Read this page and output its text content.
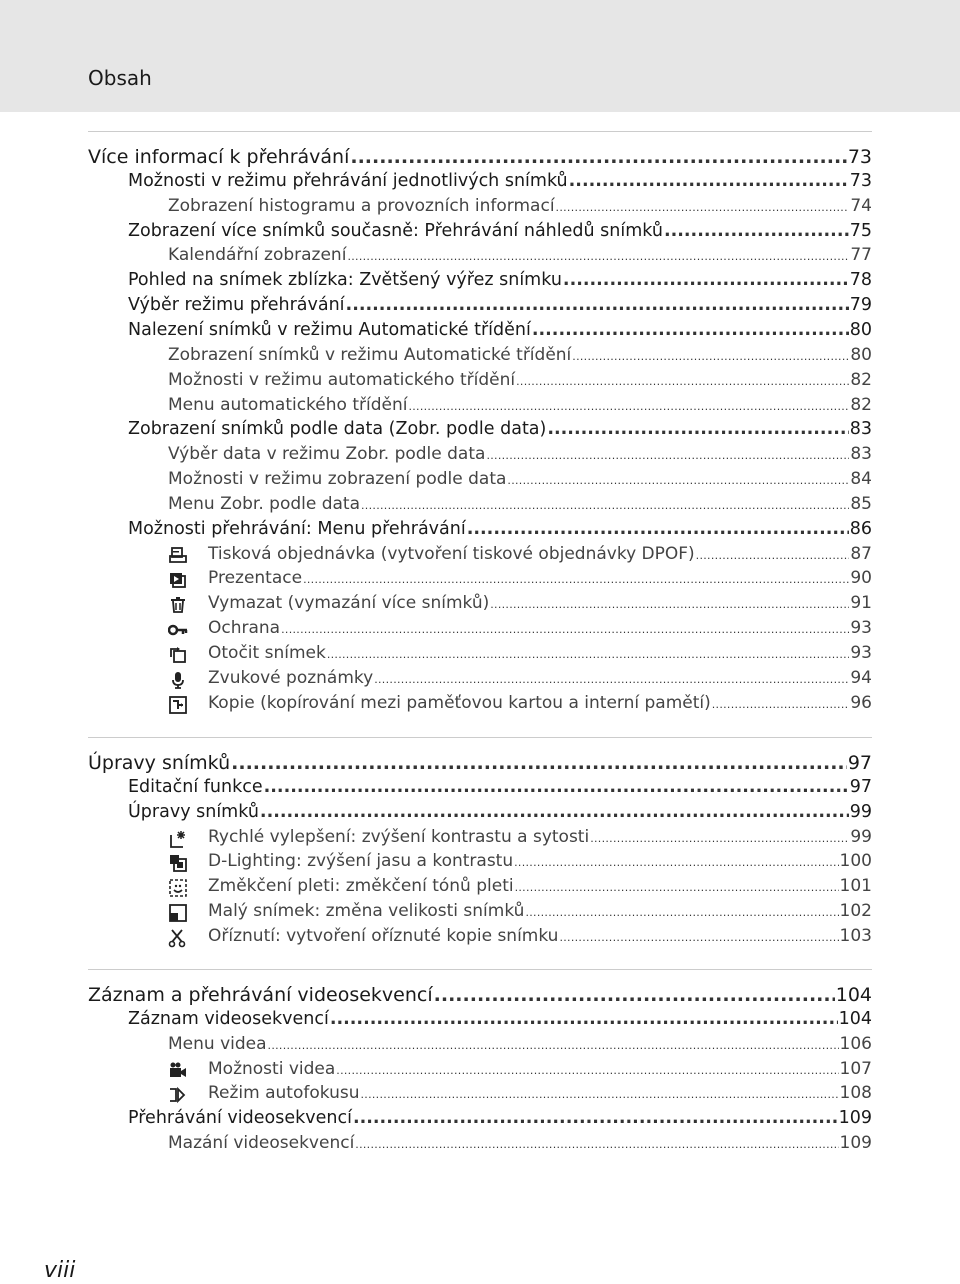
Obsah
Více informací k přehrávání .....	73
Možnosti v režimu přehrávání jednotlivých snímků .....	73
Zobrazení histogramu a provozních informací .....	74
Zobrazení více snímků současně: Přehrávání náhledů snímků .....	75
Kalendářní zobrazení .....	77
Pohled na snímek zblízka: Zvětšený výřez snímku .....	78
Výběr režimu přehrávání .....	79
Nalezení snímků v režimu Automatické třídění .....	80
Zobrazení snímků v režimu Automatické třídění .....	80
Možnosti v režimu automatického třídění .....	82
Menu automatického třídění .....	82
Zobrazení snímků podle data (Zobr. podle data) .....	83
Výběr data v režimu Zobr. podle data .....	83
Možnosti v režimu zobrazení podle data .....	84
Menu Zobr. podle data .....	85
Možnosti přehrávání: Menu přehrávání .....	86
Tisková objednávka (vytvoření tiskové objednávky DPOF) .....	87
Prezentace .....	90
Vymazat (vymazání více snímků) .....	91
Ochrana .....	93
Otočit snímek .....	93
Zvukové poznámky .....	94
Kopie (kopírování mezi paměťovou kartou a interní pamětí) .....	96
Úpravy snímků .....	97
Editační funkce .....	97
Úpravy snímků .....	99
Rychlé vylepšení: zvýšení kontrastu a sytosti .....	99
D-Lighting: zvýšení jasu a kontrastu .....	100
Změkčení pleti: změkčení tónů pleti .....	101
Malý snímek: změna velikosti snímků .....	102
Oříznutí: vytvoření oříznuté kopie snímku .....	103
Záznam a přehrávání videosekvencí .....	104
Záznam videosekvencí .....	104
Menu videa .....	106
Možnosti videa .....	107
Režim autofokusu .....	108
Přehrávání videosekvencí .....	109
Mazání videosekvencí .....	109
viii
